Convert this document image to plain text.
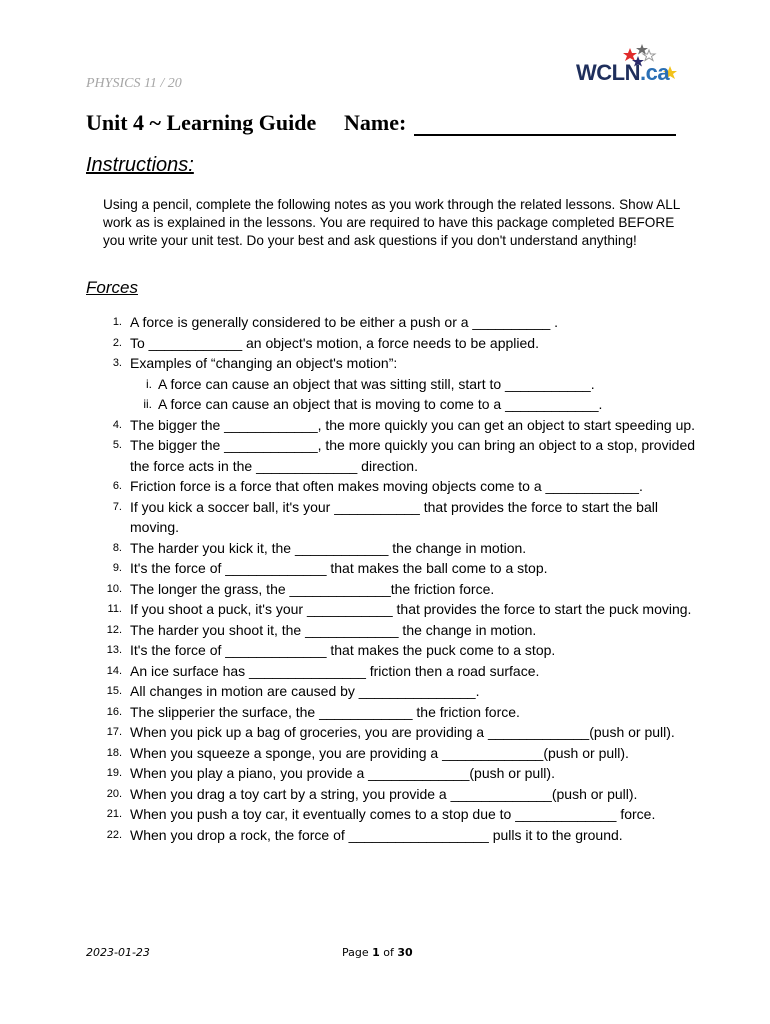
PHYSICS 11 / 20	WCLN.ca
Unit 4 ~ Learning Guide Name:
Instructions:
Using a pencil, complete the following notes as you work through the related lessons. Show ALL work as is explained in the lessons. You are required to have this package completed BEFORE you write your unit test. Do your best and ask questions if you don't understand anything!
Forces
1. A force is generally considered to be either a push or a __________ .
2. To ____________ an object's motion, a force needs to be applied.
3. Examples of “changing an object's motion”:
i. A force can cause an object that was sitting still, start to ___________.
ii. A force can cause an object that is moving to come to a ____________.
4. The bigger the ____________, the more quickly you can get an object to start speeding up.
5. The bigger the ____________, the more quickly you can bring an object to a stop, provided the force acts in the _____________ direction.
6. Friction force is a force that often makes moving objects come to a ____________.
7. If you kick a soccer ball, it's your ___________ that provides the force to start the ball moving.
8. The harder you kick it, the ____________ the change in motion.
9. It's the force of _____________ that makes the ball come to a stop.
10. The longer the grass, the _____________the friction force.
11. If you shoot a puck, it's your ___________ that provides the force to start the puck moving.
12. The harder you shoot it, the ____________ the change in motion.
13. It's the force of _____________ that makes the puck come to a stop.
14. An ice surface has _______________ friction then a road surface.
15. All changes in motion are caused by _______________.
16. The slipperier the surface, the ____________ the friction force.
17. When you pick up a bag of groceries, you are providing a _____________(push or pull).
18. When you squeeze a sponge, you are providing a _____________(push or pull).
19. When you play a piano, you provide a _____________(push or pull).
20. When you drag a toy cart by a string, you provide a _____________(push or pull).
21. When you push a toy car, it eventually comes to a stop due to _____________ force.
22. When you drop a rock, the force of __________________ pulls it to the ground.
2023-01-23	Page 1 of 30
